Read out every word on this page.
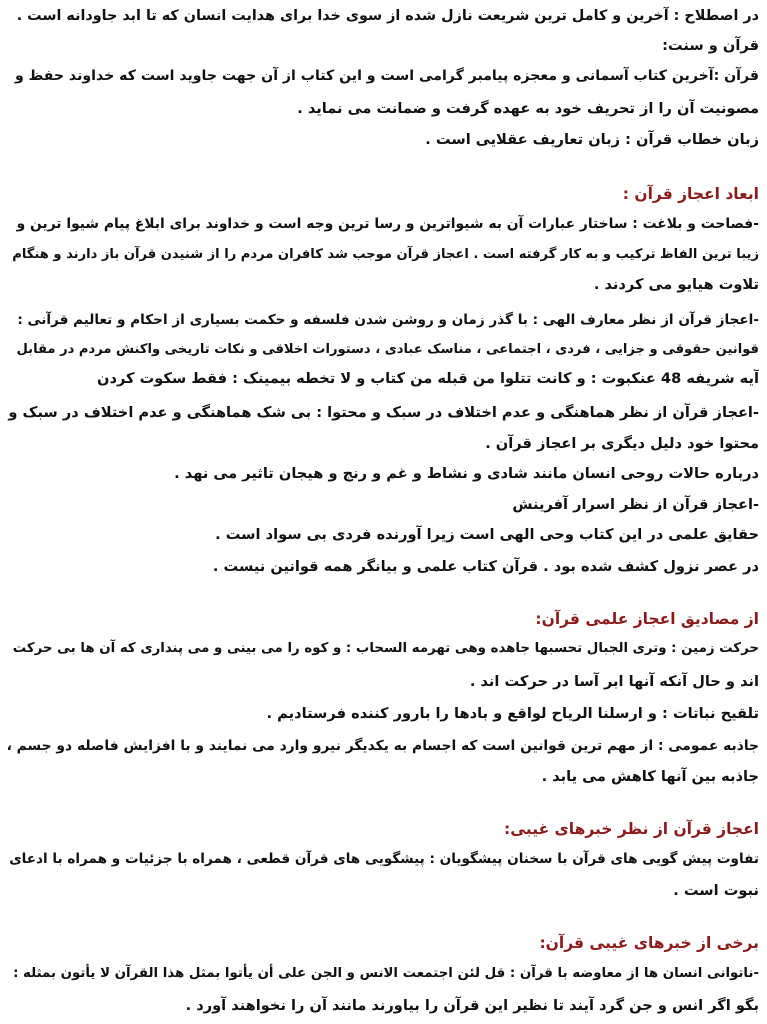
در اصطلاح : آخرین و کامل ترین شریعت نازل شده از سوی خدا برای هدایت انسان که تا ابد جاودانه است .
قرآن و سنت:
قرآن :آخرین کتاب آسمانی و معجزه پیامبر گرامی است و این کتاب از آن جهت جاوید است که خداوند حفظ و
مصونیت آن را از تحریف خود به عهده گرفت و ضمانت می نماید .
زبان خطاب قرآن : زبان تعاریف عقلایی است .
ابعاد اعجاز قرآن :
-فصاحت و بلاغت : ساختار عبارات آن به شیواترین و رسا ترین وجه است و خداوند برای ابلاغ پیام شیوا ترین و
زیبا ترین الفاظ ترکیب و به کار گرفته است . اعجاز قرآن موجب شد کافران مردم را از شنیدن قرآن باز دارند و هنگام
تلاوت هیایو می کردند .
-اعجاز قرآن از نظر معارف الهی : با گذر زمان و روشن شدن فلسفه و حکمت بسیاری از احکام و تعالیم قرآنی :
قوانین حقوقی و جزایی ، فردی ، اجتماعی ، مناسک عبادی ، دستورات اخلاقی و نکات تاریخی واکنش مردم در مقابل
آیه شریفه 48 عنکبوت : و کانت تتلوا من قبله من کتاب و لا تخطه بیمینک : فقط سکوت کردن
-اعجاز قرآن از نظر هماهنگی و عدم اختلاف در سبک و محتوا : بی شک هماهنگی و عدم اختلاف در سبک و
محتوا خود دلیل دیگری بر اعجاز قرآن .
درباره حالات روحی انسان مانند شادی و نشاط و غم و رنج و هیجان تاثیر می نهد .
-اعجاز قرآن از نظر اسرار آفرینش
حقایق علمی در این کتاب وحی الهی است زیرا آورنده فردی بی سواد است .
در عصر نزول کشف شده بود . قرآن کتاب علمی و بیانگر همه قوانین نیست .
از مصادیق اعجاز علمی قرآن:
حرکت زمین : وتری الجبال تحسبها جاهده وهی تهرمه السحاب : و کوه را می بینی و می پنداری که آن ها بی حرکت
اند و حال آنکه آنها ابر آسا در حرکت اند .
تلقیح نباتات : و ارسلنا الریاح لواقع و بادها را بارور کننده فرستادیم .
جاذبه عمومی : از مهم ترین قوانین است که اجسام به یکدیگر نیرو وارد می نمایند و با افزایش فاصله دو جسم ،
جاذبه بین آنها کاهش می یابد .
اعجاز قرآن از نظر خبرهای غیبی:
تفاوت پیش گویی های قرآن با سخنان پیشگویان : پیشگویی های قرآن قطعی ، همراه با جزئیات و همراه با ادعای
نبوت است .
برخی از خبرهای غیبی قرآن:
-ناتوانی انسان ها از معاوضه با قرآن : قل لئن اجتمعت الانس و الجن علی أن یأتوا بمثل هذا القرآن لا یأتون بمثله :
بگو اگر انس و جن گرد آیند تا نظیر این قرآن را بیاورند مانند آن را نخواهند آورد .
